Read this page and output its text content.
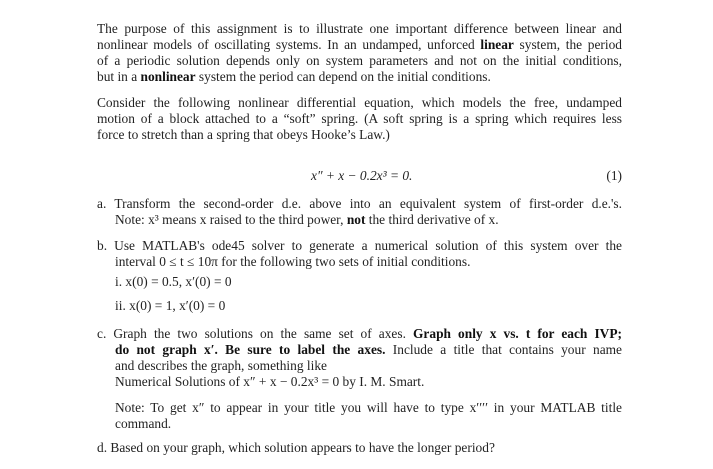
The purpose of this assignment is to illustrate one important difference between linear and
nonlinear models of oscillating systems. In an undamped, unforced linear system, the period
of a periodic solution depends only on system parameters and not on the initial conditions,
but in a nonlinear system the period can depend on the initial conditions.
Consider the following nonlinear differential equation, which models the free, undamped
motion of a block attached to a “soft” spring. (A soft spring is a spring which requires less
force to stretch than a spring that obeys Hooke’s Law.)
x″ + x − 0.2x³ = 0.	(1)
a. Transform the second-order d.e. above into an equivalent system of first-order d.e.'s.
Note: x³ means x raised to the third power, not the third derivative of x.
b. Use MATLAB's ode45 solver to generate a numerical solution of this system over the
interval 0 ≤ t ≤ 10π for the following two sets of initial conditions.
i. x(0) = 0.5, x′(0) = 0
ii. x(0) = 1, x′(0) = 0
c. Graph the two solutions on the same set of axes. Graph only x vs. t for each IVP;
do not graph x′. Be sure to label the axes. Include a title that contains your name
and describes the graph, something like
Numerical Solutions of x″ + x − 0.2x³ = 0 by I. M. Smart.
Note: To get x″ to appear in your title you will have to type x′′′′ in your MATLAB title
command.
d. Based on your graph, which solution appears to have the longer period?
